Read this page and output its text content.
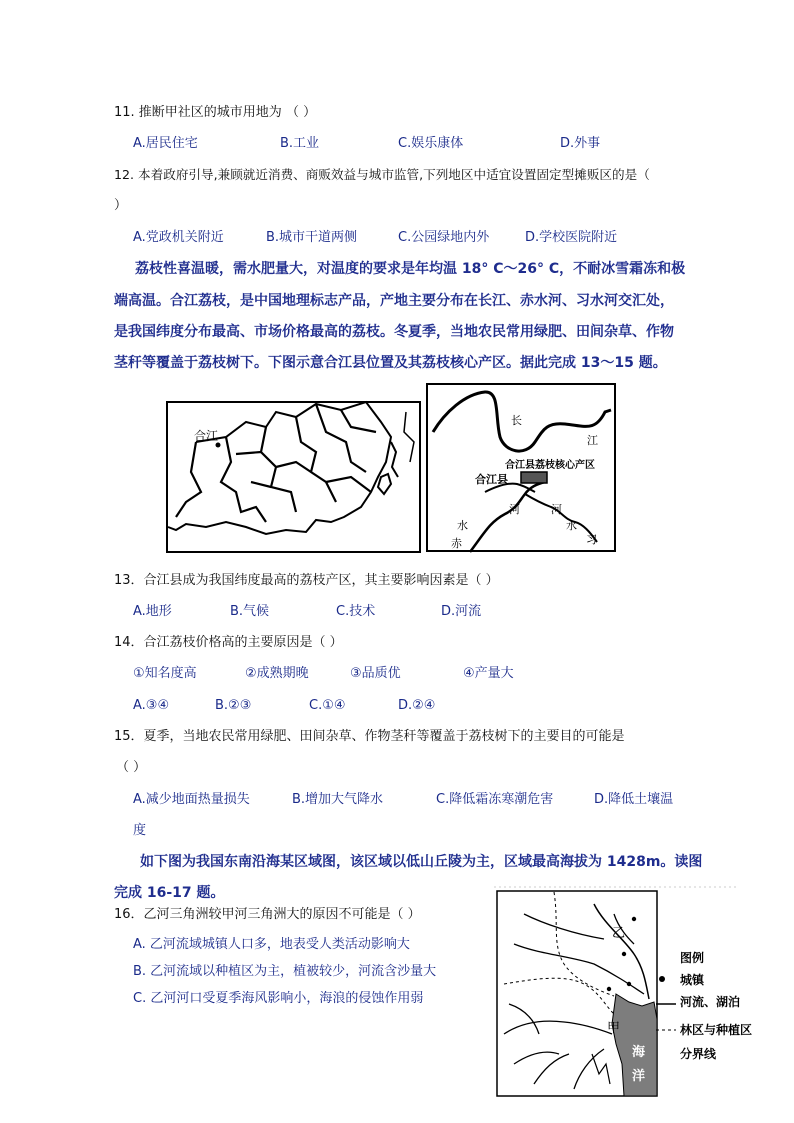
11. 推断甲社区的城市用地为 （ ）
A.居民住宅	B.工业	C.娱乐康体	D.外事
12. 本着政府引导,兼顾就近消费、商贩效益与城市监管,下列地区中适宜设置固定型摊贩区的是（
）
A.党政机关附近	B.城市干道两侧	C.公园绿地内外	D.学校医院附近
荔枝性喜温暖，需水肥量大，对温度的要求是年均温 18° C～26° C，不耐冰雪霜冻和极
端高温。合江荔枝，是中国地理标志产品，产地主要分布在长江、赤水河、习水河交汇处，
是我国纬度分布最高、市场价格最高的荔枝。冬夏季，当地农民常用绿肥、田间杂草、作物
茎秆等覆盖于荔枝树下。下图示意合江县位置及其荔枝核心产区。据此完成 13～15 题。
合江
长
江
河
水
赤
河
水
习
合江县荔枝核心产区
合江县
13．合江县成为我国纬度最高的荔枝产区，其主要影响因素是（ ）
A.地形	B.气候	C.技术	D.河流
14．合江荔枝价格高的主要原因是（ ）
①知名度高	②成熟期晚	③品质优	④产量大
A.③④	B.②③	C.①④	D.②④
15．夏季，当地农民常用绿肥、田间杂草、作物茎秆等覆盖于荔枝树下的主要目的可能是
（ ）
A.减少地面热量损失	B.增加大气降水	C.降低霜冻寒潮危害	D.降低土壤温
度
如下图为我国东南沿海某区域图，该区域以低山丘陵为主，区域最高海拔为 1428m。读图
完成 16-17 题。
16．乙河三角洲较甲河三角洲大的原因不可能是（ ）
A. 乙河流域城镇人口多，地表受人类活动影响大
B. 乙河流域以种植区为主，植被较少，河流含沙量大
C. 乙河河口受夏季海风影响小，海浪的侵蚀作用弱
乙
甲
海
洋
图例
城镇
河流、湖泊
林区与种植区
分界线
